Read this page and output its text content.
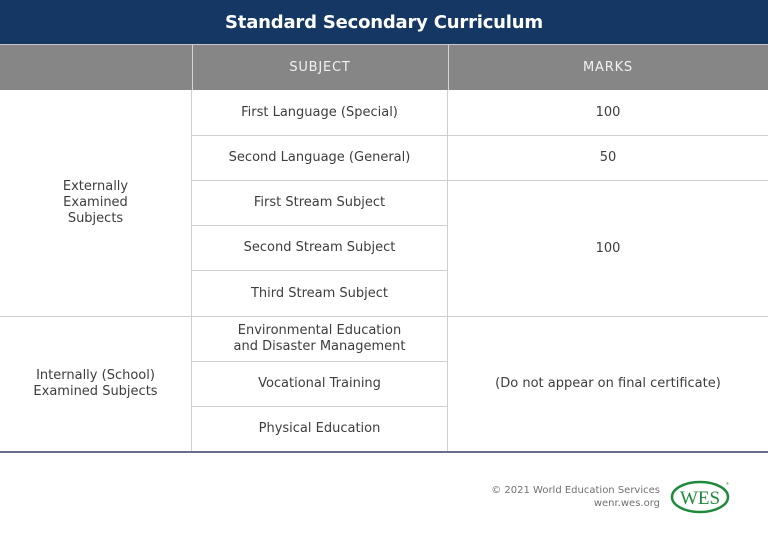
Standard Secondary Curriculum
SUBJECT	MARKS
Externally
Examined
Subjects
First Language (Special)
Second Language (General)
First Stream Subject
Second Stream Subject
Third Stream Subject
100
50
100
Internally (School)
Examined Subjects
Environmental Education
and Disaster Management
Vocational Training
Physical Education
(Do not appear on final certificate)
© 2021 World Education Services
wenr.wes.org WES
®
